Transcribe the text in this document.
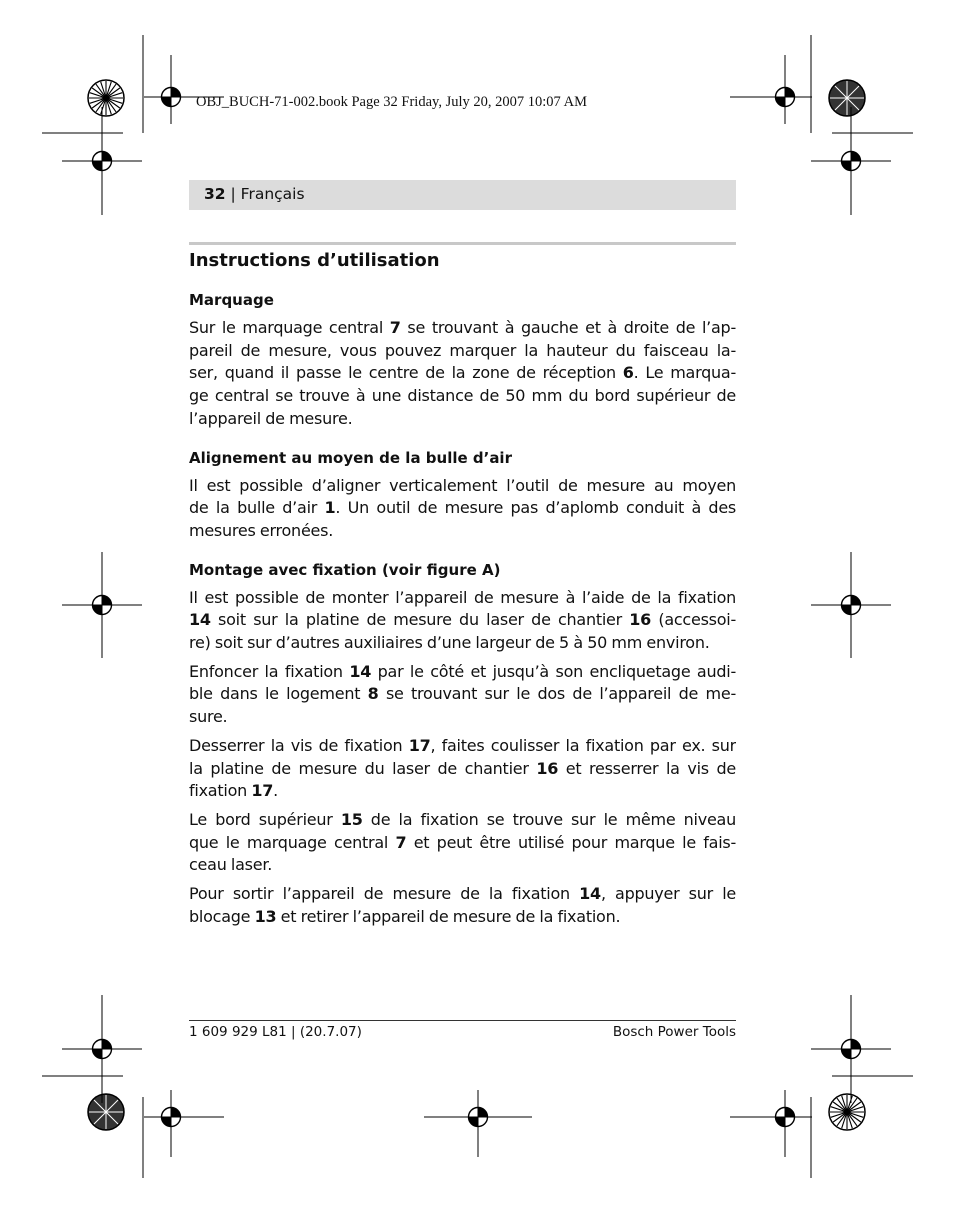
OBJ_BUCH-71-002.book Page 32 Friday, July 20, 2007 10:07 AM
32 | Français
Instructions d’utilisation
Marquage

Sur le marquage central 7 se trouvant à gauche et à droite de l’ap-
pareil de mesure, vous pouvez marquer la hauteur du faisceau la-
ser, quand il passe le centre de la zone de réception 6. Le marqua-
ge central se trouve à une distance de 50 mm du bord supérieur de
l’appareil de mesure.

Alignement au moyen de la bulle d’air

Il est possible d’aligner verticalement l’outil de mesure au moyen
de la bulle d’air 1. Un outil de mesure pas d’aplomb conduit à des
mesures erronées.

Montage avec fixation (voir figure A)

Il est possible de monter l’appareil de mesure à l’aide de la fixation
14 soit sur la platine de mesure du laser de chantier 16 (accessoi-
re) soit sur d’autres auxiliaires d’une largeur de 5 à 50 mm environ.

Enfoncer la fixation 14 par le côté et jusqu’à son encliquetage audi-
ble dans le logement 8 se trouvant sur le dos de l’appareil de me-
sure.

Desserrer la vis de fixation 17, faites coulisser la fixation par ex. sur
la platine de mesure du laser de chantier 16 et resserrer la vis de
fixation 17.

Le bord supérieur 15 de la fixation se trouve sur le même niveau
que le marquage central 7 et peut être utilisé pour marque le fais-
ceau laser.

Pour sortir l’appareil de mesure de la fixation 14, appuyer sur le
blocage 13 et retirer l’appareil de mesure de la fixation.

1 609 929 L81 | (20.7.07)	Bosch Power Tools
